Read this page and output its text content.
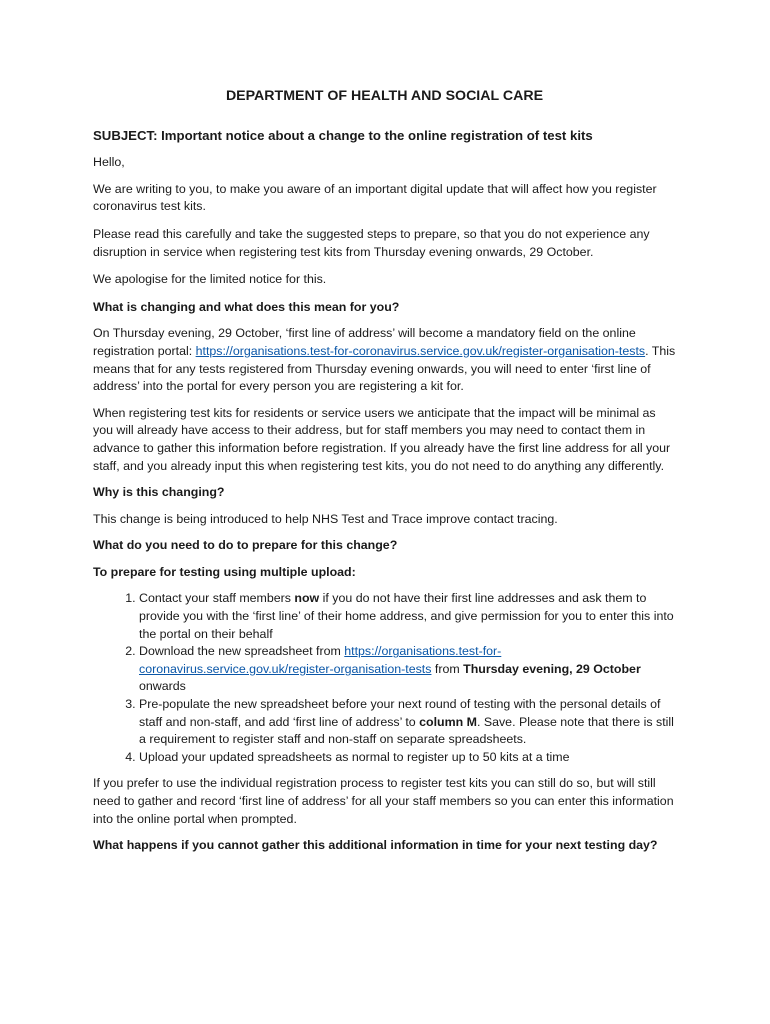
DEPARTMENT OF HEALTH AND SOCIAL CARE
SUBJECT: Important notice about a change to the online registration of test kits

Hello,

We are writing to you, to make you aware of an important digital update that will affect how you register coronavirus test kits.

Please read this carefully and take the suggested steps to prepare, so that you do not experience any disruption in service when registering test kits from Thursday evening onwards, 29 October.

We apologise for the limited notice for this.

What is changing and what does this mean for you?

On Thursday evening, 29 October, ‘first line of address’ will become a mandatory field on the online registration portal: https://organisations.test-for-coronavirus.service.gov.uk/register-organisation-tests. This means that for any tests registered from Thursday evening onwards, you will need to enter ‘first line of address’ into the portal for every person you are registering a kit for.

When registering test kits for residents or service users we anticipate that the impact will be minimal as you will already have access to their address, but for staff members you may need to contact them in advance to gather this information before registration. If you already have the first line address for all your staff, and you already input this when registering test kits, you do not need to do anything any differently.

Why is this changing?

This change is being introduced to help NHS Test and Trace improve contact tracing.

What do you need to do to prepare for this change?
To prepare for testing using multiple upload:
1. Contact your staff members now if you do not have their first line addresses and ask them to provide you with the ‘first line’ of their home address, and give permission for you to enter this into the portal on their behalf
2. Download the new spreadsheet from https://organisations.test-for-coronavirus.service.gov.uk/register-organisation-tests from Thursday evening, 29 October
onwards
3. Pre-populate the new spreadsheet before your next round of testing with the personal details of staff and non-staff, and add ‘first line of address’ to column M. Save. Please note that there is still a requirement to register staff and non-staff on separate spreadsheets.
4. Upload your updated spreadsheets as normal to register up to 50 kits at a time

If you prefer to use the individual registration process to register test kits you can still do so, but will still need to gather and record ‘first line of address’ for all your staff members so you can enter this information into the online portal when prompted.

What happens if you cannot gather this additional information in time for your next testing day?
